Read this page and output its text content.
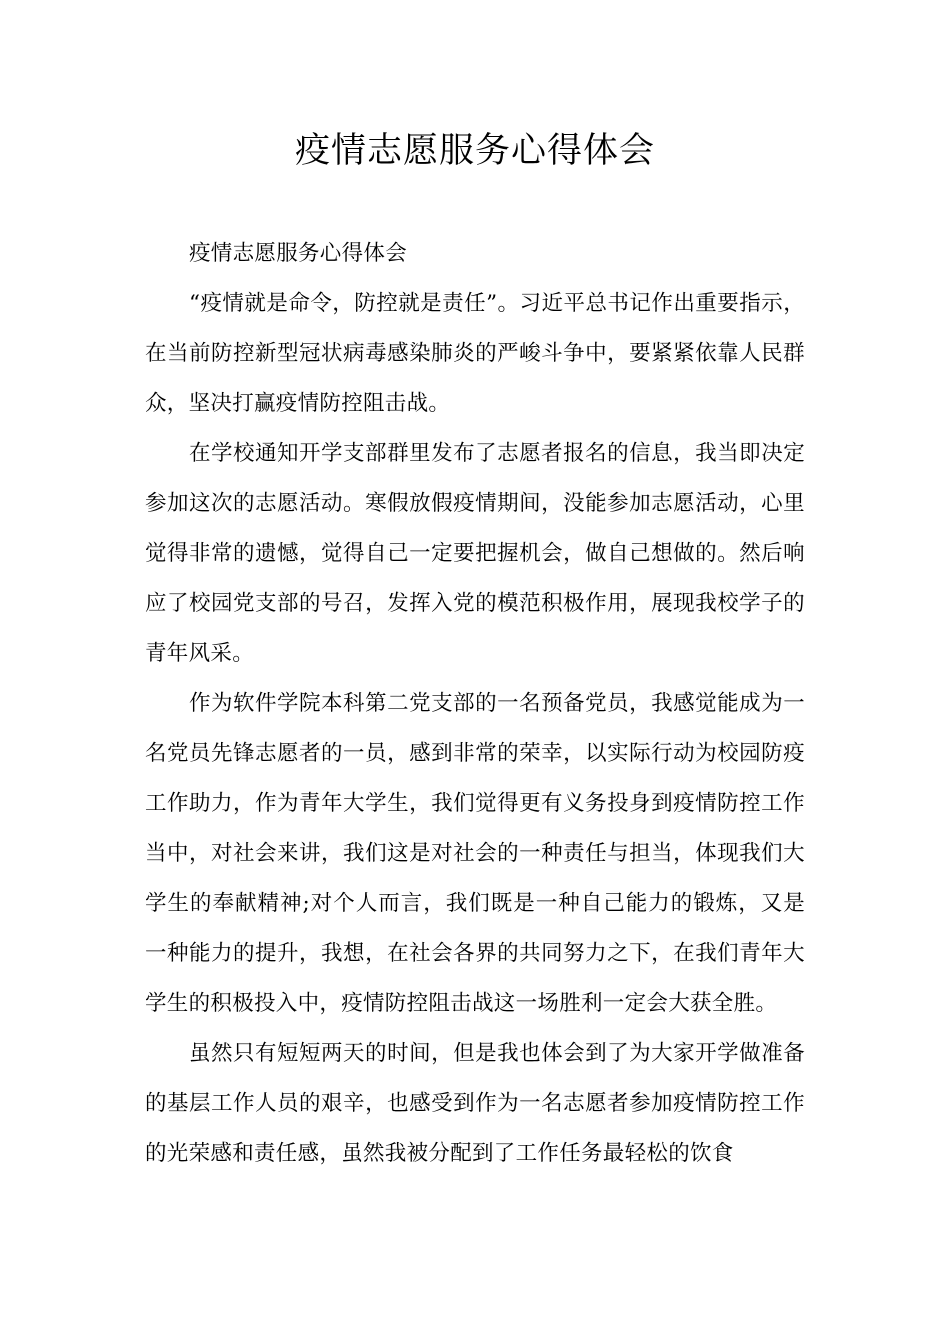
疫情志愿服务心得体会

疫情志愿服务心得体会

“疫情就是命令，防控就是责任”。习近平总书记作出重要指示，在当前防控新型冠状病毒感染肺炎的严峻斗争中，要紧紧依靠人民群众，坚决打赢疫情防控阻击战。

在学校通知开学支部群里发布了志愿者报名的信息，我当即决定参加这次的志愿活动。寒假放假疫情期间，没能参加志愿活动，心里觉得非常的遗憾，觉得自己一定要把握机会，做自己想做的。然后响应了校园党支部的号召，发挥入党的模范积极作用，展现我校学子的青年风采。

作为软件学院本科第二党支部的一名预备党员，我感觉能成为一名党员先锋志愿者的一员，感到非常的荣幸，以实际行动为校园防疫工作助力，作为青年大学生，我们觉得更有义务投身到疫情防控工作当中，对社会来讲，我们这是对社会的一种责任与担当，体现我们大学生的奉献精神;对个人而言，我们既是一种自己能力的锻炼，又是一种能力的提升，我想，在社会各界的共同努力之下，在我们青年大学生的积极投入中，疫情防控阻击战这一场胜利一定会大获全胜。

虽然只有短短两天的时间，但是我也体会到了为大家开学做准备的基层工作人员的艰辛，也感受到作为一名志愿者参加疫情防控工作的光荣感和责任感，虽然我被分配到了工作任务最轻松的饮食
